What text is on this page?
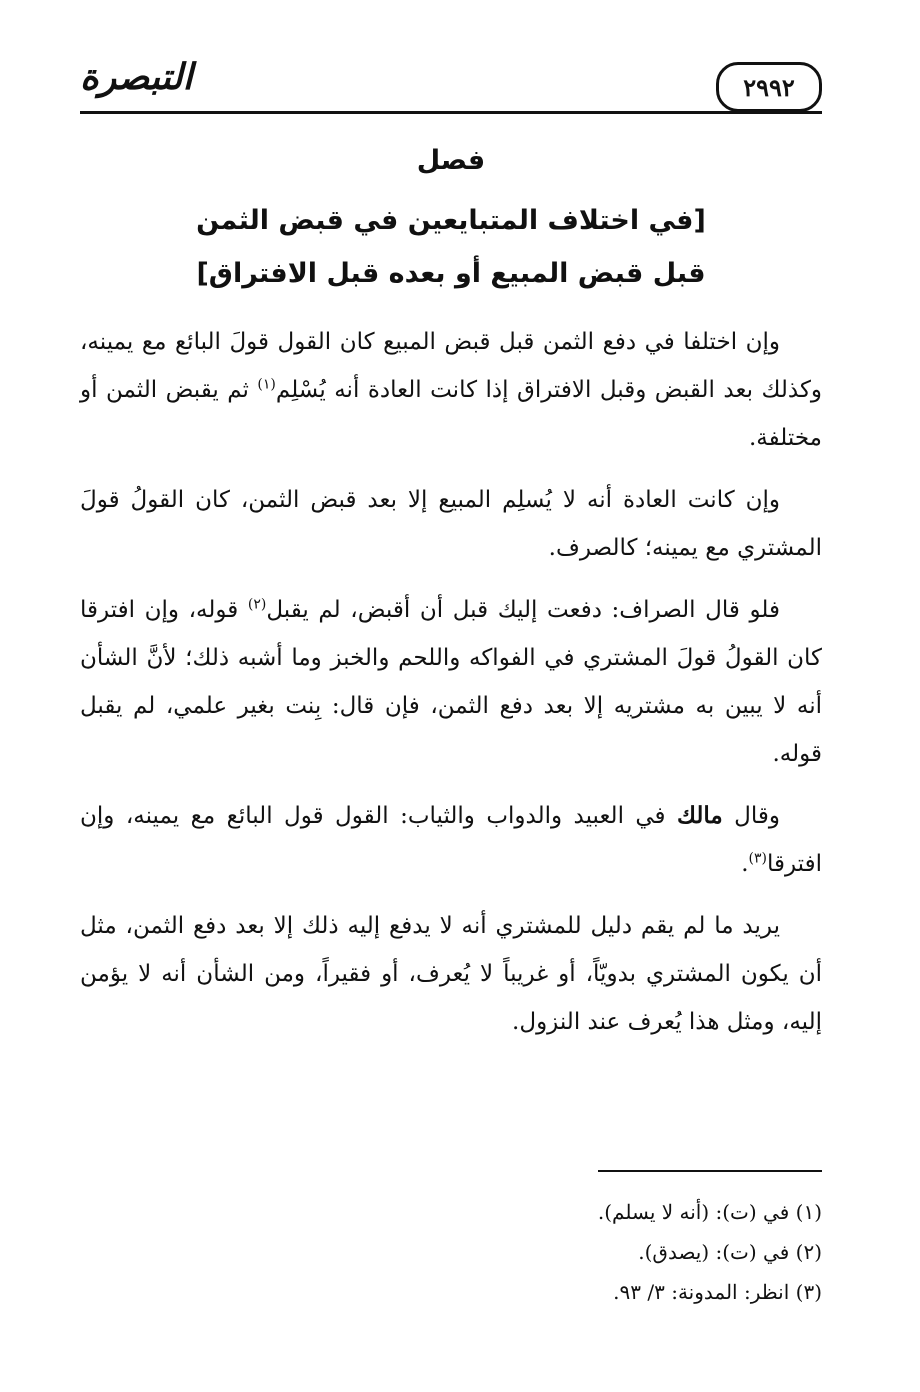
٢٩٩٢
التبصرة
فصل
[في اختلاف المتبايعين في قبض الثمن
قبل قبض المبيع أو بعده قبل الافتراق]

وإن اختلفا في دفع الثمن قبل قبض المبيع كان القول قولَ البائع مع يمينه، وكذلك بعد القبض وقبل الافتراق إذا كانت العادة أنه يُسْلِم$^{(١)}$ ثم يقبض الثمن أو مختلفة.

وإن كانت العادة أنه لا يُسلِم المبيع إلا بعد قبض الثمن، كان القولُ قولَ المشتري مع يمينه؛ كالصرف.

فلو قال الصراف: دفعت إليك قبل أن أقبض، لم يقبل$^{(٢)}$ قوله، وإن افترقا كان القولُ قولَ المشتري في الفواكه واللحم والخبز وما أشبه ذلك؛ لأنَّ الشأن أنه لا يبين به مشتريه إلا بعد دفع الثمن، فإن قال: بِنت بغير علمي، لم يقبل قوله.

وقال مالك في العبيد والدواب والثياب: القول قول البائع مع يمينه، وإن افترقا$^{(٣)}$.

يريد ما لم يقم دليل للمشتري أنه لا يدفع إليه ذلك إلا بعد دفع الثمن، مثل أن يكون المشتري بدويّاً، أو غريباً لا يُعرف، أو فقيراً، ومن الشأن أنه لا يؤمن إليه، ومثل هذا يُعرف عند النزول.

(١) في (ت): (أنه لا يسلم).

(٢) في (ت): (يصدق).

(٣) انظر: المدونة: ٣/ ٩٣.
